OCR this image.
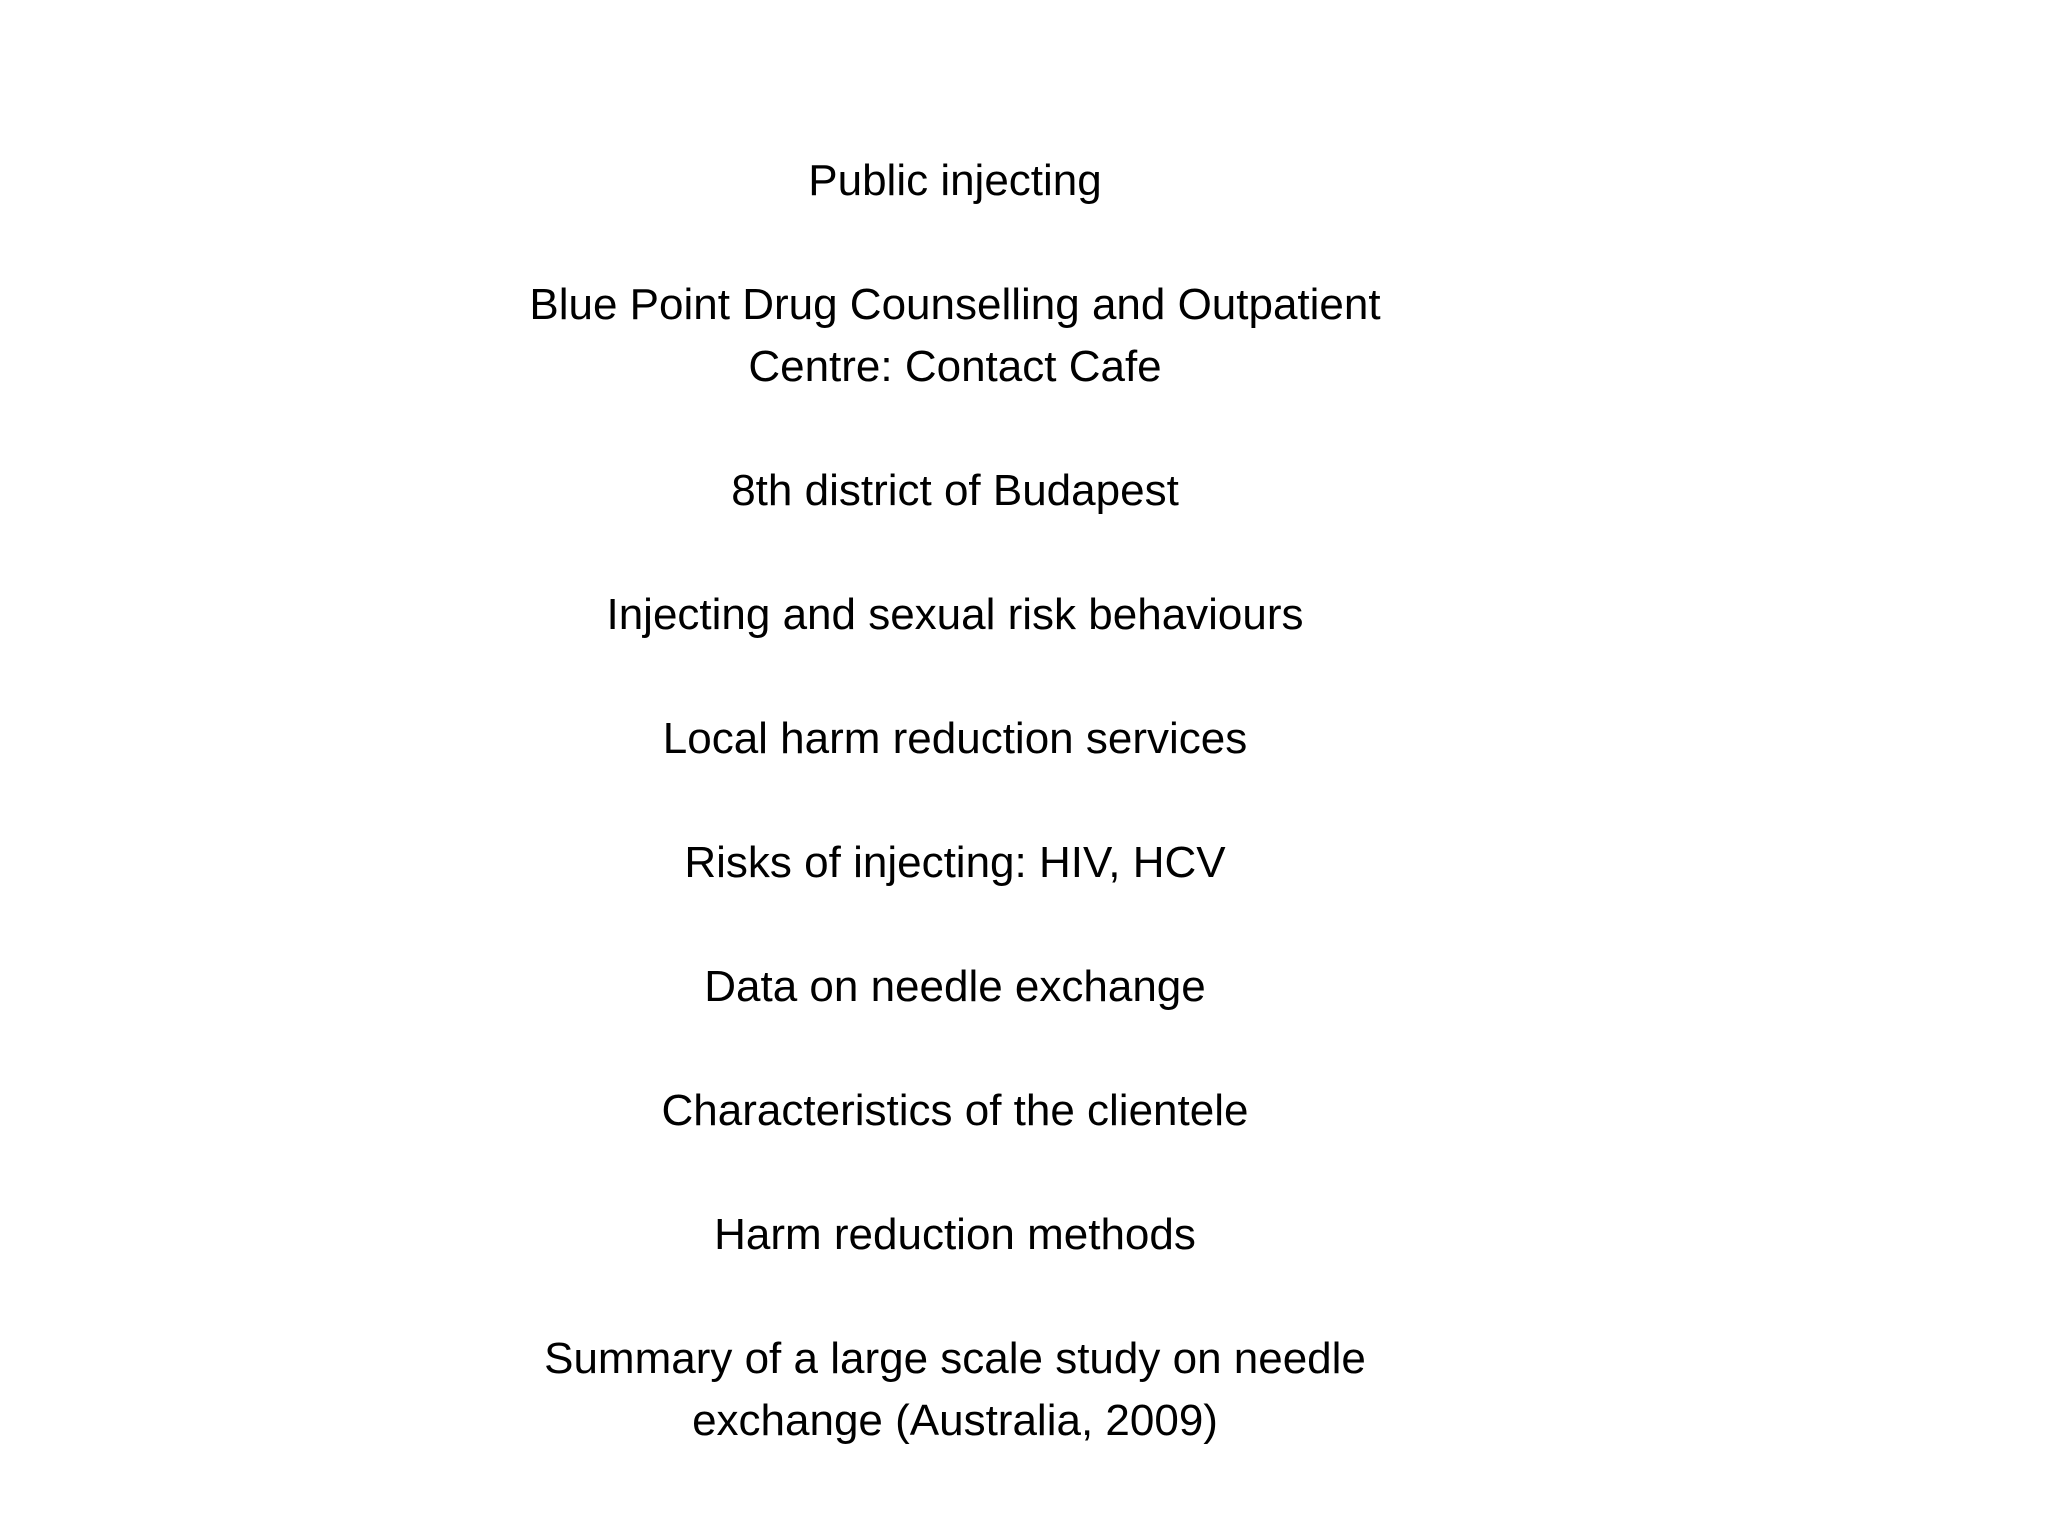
Public injecting
Blue Point Drug Counselling and Outpatient
Centre: Contact Cafe
8th district of Budapest
Injecting and sexual risk behaviours
Local harm reduction services
Risks of injecting: HIV, HCV
Data on needle exchange
Characteristics of the clientele
Harm reduction methods
Summary of a large scale study on needle
exchange (Australia, 2009)
